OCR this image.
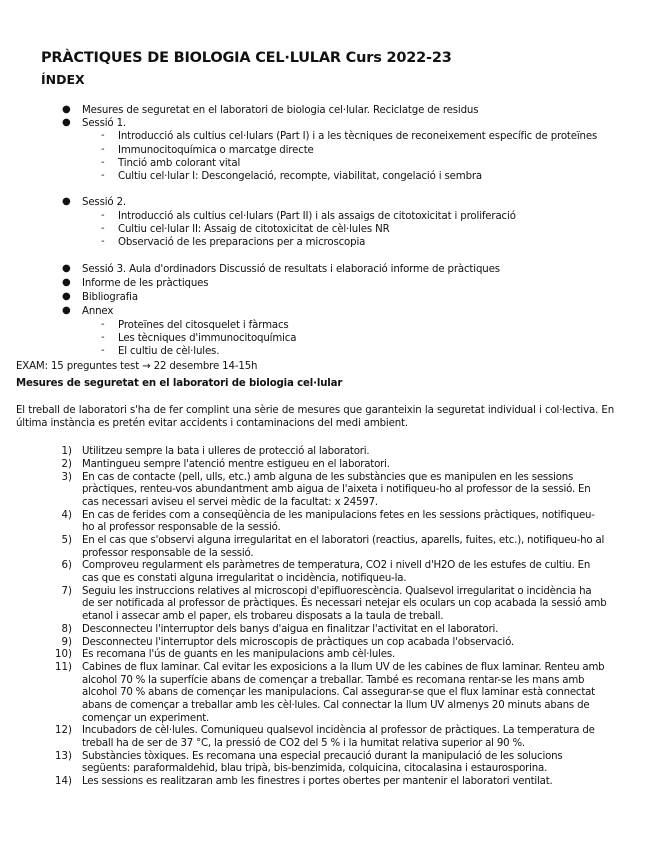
PRÀCTIQUES DE BIOLOGIA CEL·LULAR Curs 2022-23
ÍNDEX
● Mesures de seguretat en el laboratori de biologia cel·lular. Reciclatge de residus
● Sessió 1.
- Introducció als cultius cel·lulars (Part I) i a les tècniques de reconeixement específic de proteïnes
- Immunocitoquímica o marcatge directe
- Tinció amb colorant vital
- Cultiu cel·lular I: Descongelació, recompte, viabilitat, congelació i sembra
● Sessió 2.
- Introducció als cultius cel·lulars (Part II) i als assaigs de citotoxicitat i proliferació
- Cultiu cel·lular II: Assaig de citotoxicitat de cèl·lules NR
- Observació de les preparacions per a microscopia
● Sessió 3. Aula d'ordinadors Discussió de resultats i elaboració informe de pràctiques
● Informe de les pràctiques
● Bibliografia
● Annex
- Proteïnes del citosquelet i fàrmacs
- Les tècniques d'immunocitoquímica
- El cultiu de cèl·lules.
EXAM: 15 preguntes test → 22 desembre 14-15h
Mesures de seguretat en el laboratori de biologia cel·lular
El treball de laboratori s'ha de fer complint una sèrie de mesures que garanteixin la seguretat individual i col·lectiva. En última instància es pretén evitar accidents i contaminacions del medi ambient.
1) Utilitzeu sempre la bata i ulleres de protecció al laboratori.
2) Mantingueu sempre l'atenció mentre estigueu en el laboratori.
3) En cas de contacte (pell, ulls, etc.) amb alguna de les substàncies que es manipulen en les sessions
pràctiques, renteu-vos abundantment amb aigua de l'aixeta i notifiqueu-ho al professor de la sessió. En
cas necessari aviseu el servei mèdic de la facultat: x 24597.
4) En cas de ferides com a conseqüència de les manipulacions fetes en les sessions pràctiques, notifiqueu-
ho al professor responsable de la sessió.
5) En el cas que s'observi alguna irregularitat en el laboratori (reactius, aparells, fuites, etc.), notifiqueu-ho al
professor responsable de la sessió.
6) Comproveu regularment els paràmetres de temperatura, CO2 i nivell d'H2O de les estufes de cultiu. En
cas que es constati alguna irregularitat o incidència, notifiqueu-la.
7) Seguiu les instruccions relatives al microscopi d'epifluorescència. Qualsevol irregularitat o incidència ha
de ser notificada al professor de pràctiques. És necessari netejar els oculars un cop acabada la sessió amb
etanol i assecar amb el paper, els trobareu disposats a la taula de treball.
8) Desconnecteu l'interruptor dels banys d'aigua en finalitzar l'activitat en el laboratori.
9) Desconnecteu l'interruptor dels microscopis de pràctiques un cop acabada l'observació.
10) Es recomana l'ús de guants en les manipulacions amb cèl·lules.
11) Cabines de flux laminar. Cal evitar les exposicions a la llum UV de les cabines de flux laminar. Renteu amb
alcohol 70 % la superfície abans de començar a treballar. També es recomana rentar-se les mans amb
alcohol 70 % abans de començar les manipulacions. Cal assegurar-se que el flux laminar està connectat
abans de començar a treballar amb les cèl·lules. Cal connectar la llum UV almenys 20 minuts abans de
començar un experiment.
12) Incubadors de cèl·lules. Comuniqueu qualsevol incidència al professor de pràctiques. La temperatura de
treball ha de ser de 37 °C, la pressió de CO2 del 5 % i la humitat relativa superior al 90 %.
13) Substàncies tòxiques. Es recomana una especial precaució durant la manipulació de les solucions
següents: paraformaldehid, blau tripà, bis-benzimida, colquicina, citocalasina i estaurosporina.
14) Les sessions es realitzaran amb les finestres i portes obertes per mantenir el laboratori ventilat.
